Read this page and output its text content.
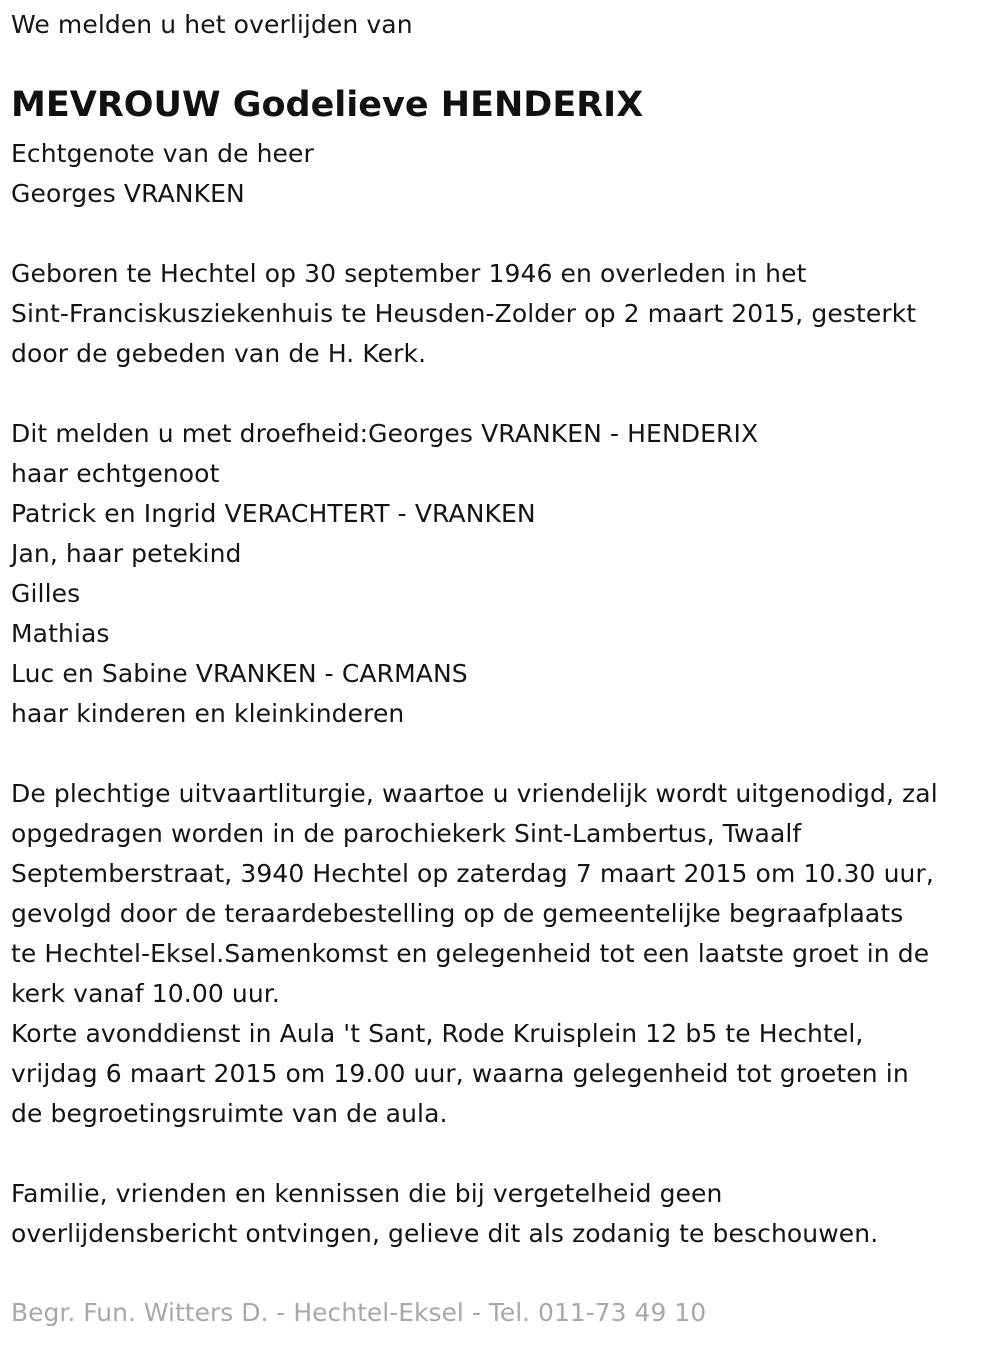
We melden u het overlijden van
MEVROUW Godelieve HENDERIX
Echtgenote van de heer
Georges VRANKEN
Geboren te Hechtel op 30 september 1946 en overleden in het
Sint-Franciskusziekenhuis te Heusden-Zolder op 2 maart 2015, gesterkt
door de gebeden van de H. Kerk.
Dit melden u met droefheid:Georges VRANKEN - HENDERIX
haar echtgenoot
Patrick en Ingrid VERACHTERT - VRANKEN
Jan, haar petekind
Gilles
Mathias
Luc en Sabine VRANKEN - CARMANS
haar kinderen en kleinkinderen
De plechtige uitvaartliturgie, waartoe u vriendelijk wordt uitgenodigd, zal
opgedragen worden in de parochiekerk Sint-Lambertus, Twaalf
Septemberstraat, 3940 Hechtel op zaterdag 7 maart 2015 om 10.30 uur,
gevolgd door de teraardebestelling op de gemeentelijke begraafplaats
te Hechtel-Eksel.Samenkomst en gelegenheid tot een laatste groet in de
kerk vanaf 10.00 uur.
Korte avonddienst in Aula 't Sant, Rode Kruisplein 12 b5 te Hechtel,
vrijdag 6 maart 2015 om 19.00 uur, waarna gelegenheid tot groeten in
de begroetingsruimte van de aula.
Familie, vrienden en kennissen die bij vergetelheid geen
overlijdensbericht ontvingen, gelieve dit als zodanig te beschouwen.
Begr. Fun. Witters D. - Hechtel-Eksel - Tel. 011-73 49 10
